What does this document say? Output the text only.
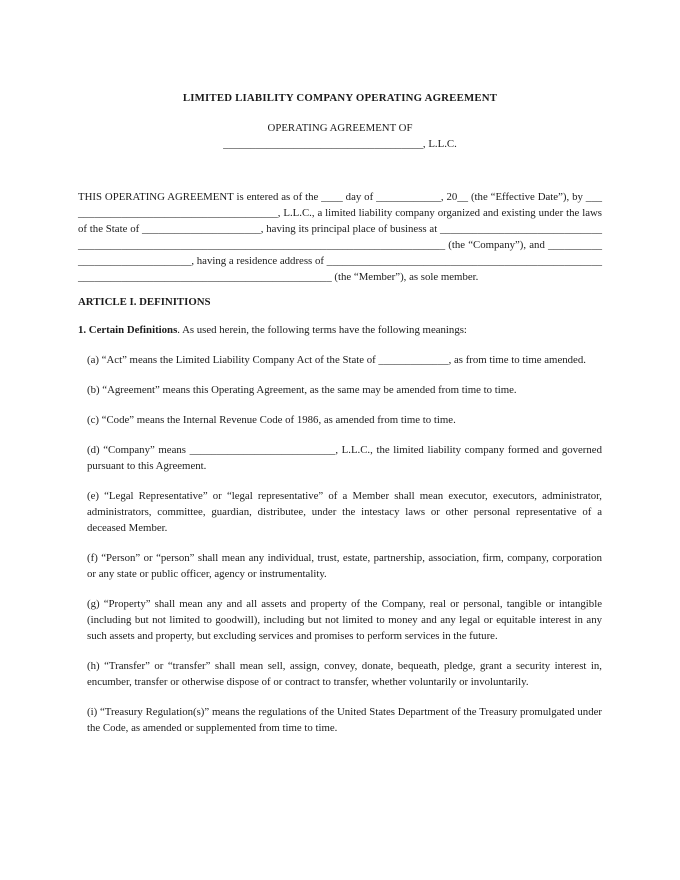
LIMITED LIABILITY COMPANY OPERATING AGREEMENT
OPERATING AGREEMENT OF
_____________________________________, L.L.C.

THIS OPERATING AGREEMENT is entered as of the ____ day of ____________, 20__ (the “Effective Date”), by ________________________________________, L.L.C., a limited liability company organized and existing under the laws of the State of ______________________, having its principal place of business at __________________________________________________________________________________________________ (the “Company”), and _______________________________, having a residence address of __________________________________________________________________________________________________ (the “Member”), as sole member.

ARTICLE I. DEFINITIONS

1. Certain Definitions. As used herein, the following terms have the following meanings:

(a) “Act” means the Limited Liability Company Act of the State of _____________, as from time to time amended.

(b) “Agreement” means this Operating Agreement, as the same may be amended from time to time.

(c) “Code” means the Internal Revenue Code of 1986, as amended from time to time.

(d) “Company” means ___________________________, L.L.C., the limited liability company formed and governed pursuant to this Agreement.

(e) “Legal Representative” or “legal representative” of a Member shall mean executor, executors, administrator, administrators, committee, guardian, distributee, under the intestacy laws or other personal representative of a deceased Member.

(f) “Person” or “person” shall mean any individual, trust, estate, partnership, association, firm, company, corporation or any state or public officer, agency or instrumentality.

(g) “Property” shall mean any and all assets and property of the Company, real or personal, tangible or intangible (including but not limited to goodwill), including but not limited to money and any legal or equitable interest in any such assets and property, but excluding services and promises to perform services in the future.

(h) “Transfer” or “transfer” shall mean sell, assign, convey, donate, bequeath, pledge, grant a security interest in, encumber, transfer or otherwise dispose of or contract to transfer, whether voluntarily or involuntarily.

(i) “Treasury Regulation(s)” means the regulations of the United States Department of the Treasury promulgated under the Code, as amended or supplemented from time to time.
